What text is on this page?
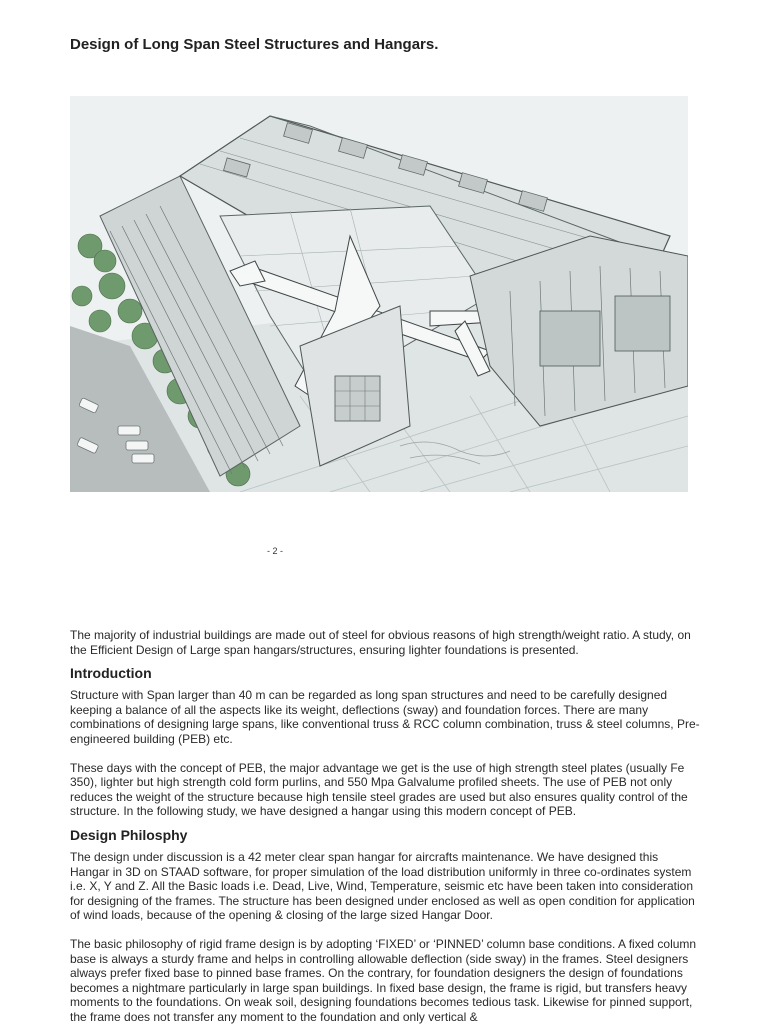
Design of Long Span Steel Structures and Hangars.
- 2 -

The majority of industrial buildings are made out of steel for obvious reasons of high strength/weight ratio. A study, on the Efficient Design of Large span hangars/structures, ensuring lighter foundations is presented.

Introduction

Structure with Span larger than 40 m can be regarded as long span structures and need to be carefully designed keeping a balance of all the aspects like its weight, deflections (sway) and foundation forces. There are many combinations of designing large spans, like conventional truss & RCC column combination, truss & steel columns, Pre-engineered building (PEB) etc.

These days with the concept of PEB, the major advantage we get is the use of high strength steel plates (usually Fe 350), lighter but high strength cold form purlins, and 550 Mpa Galvalume profiled sheets. The use of PEB not only reduces the weight of the structure because high tensile steel grades are used but also ensures quality control of the structure. In the following study, we have designed a hangar using this modern concept of PEB.

Design Philosphy

The design under discussion is a 42 meter clear span hangar for aircrafts maintenance. We have designed this Hangar in 3D on STAAD software, for proper simulation of the load distribution uniformly in three co-ordinates system i.e. X, Y and Z. All the Basic loads i.e. Dead, Live, Wind, Temperature, seismic etc have been taken into consideration for designing of the frames. The structure has been designed under enclosed as well as open condition for application of wind loads, because of the opening & closing of the large sized Hangar Door.

The basic philosophy of rigid frame design is by adopting ‘FIXED’ or ‘PINNED’ column base conditions. A fixed column base is always a sturdy frame and helps in controlling allowable deflection (side sway) in the frames. Steel designers always prefer fixed base to pinned base frames. On the contrary, for foundation designers the design of foundations becomes a nightmare particularly in large span buildings. In fixed base design, the frame is rigid, but transfers heavy moments to the foundations. On weak soil, designing foundations becomes tedious task. Likewise for pinned support, the frame does not transfer any moment to the foundation and only vertical &
